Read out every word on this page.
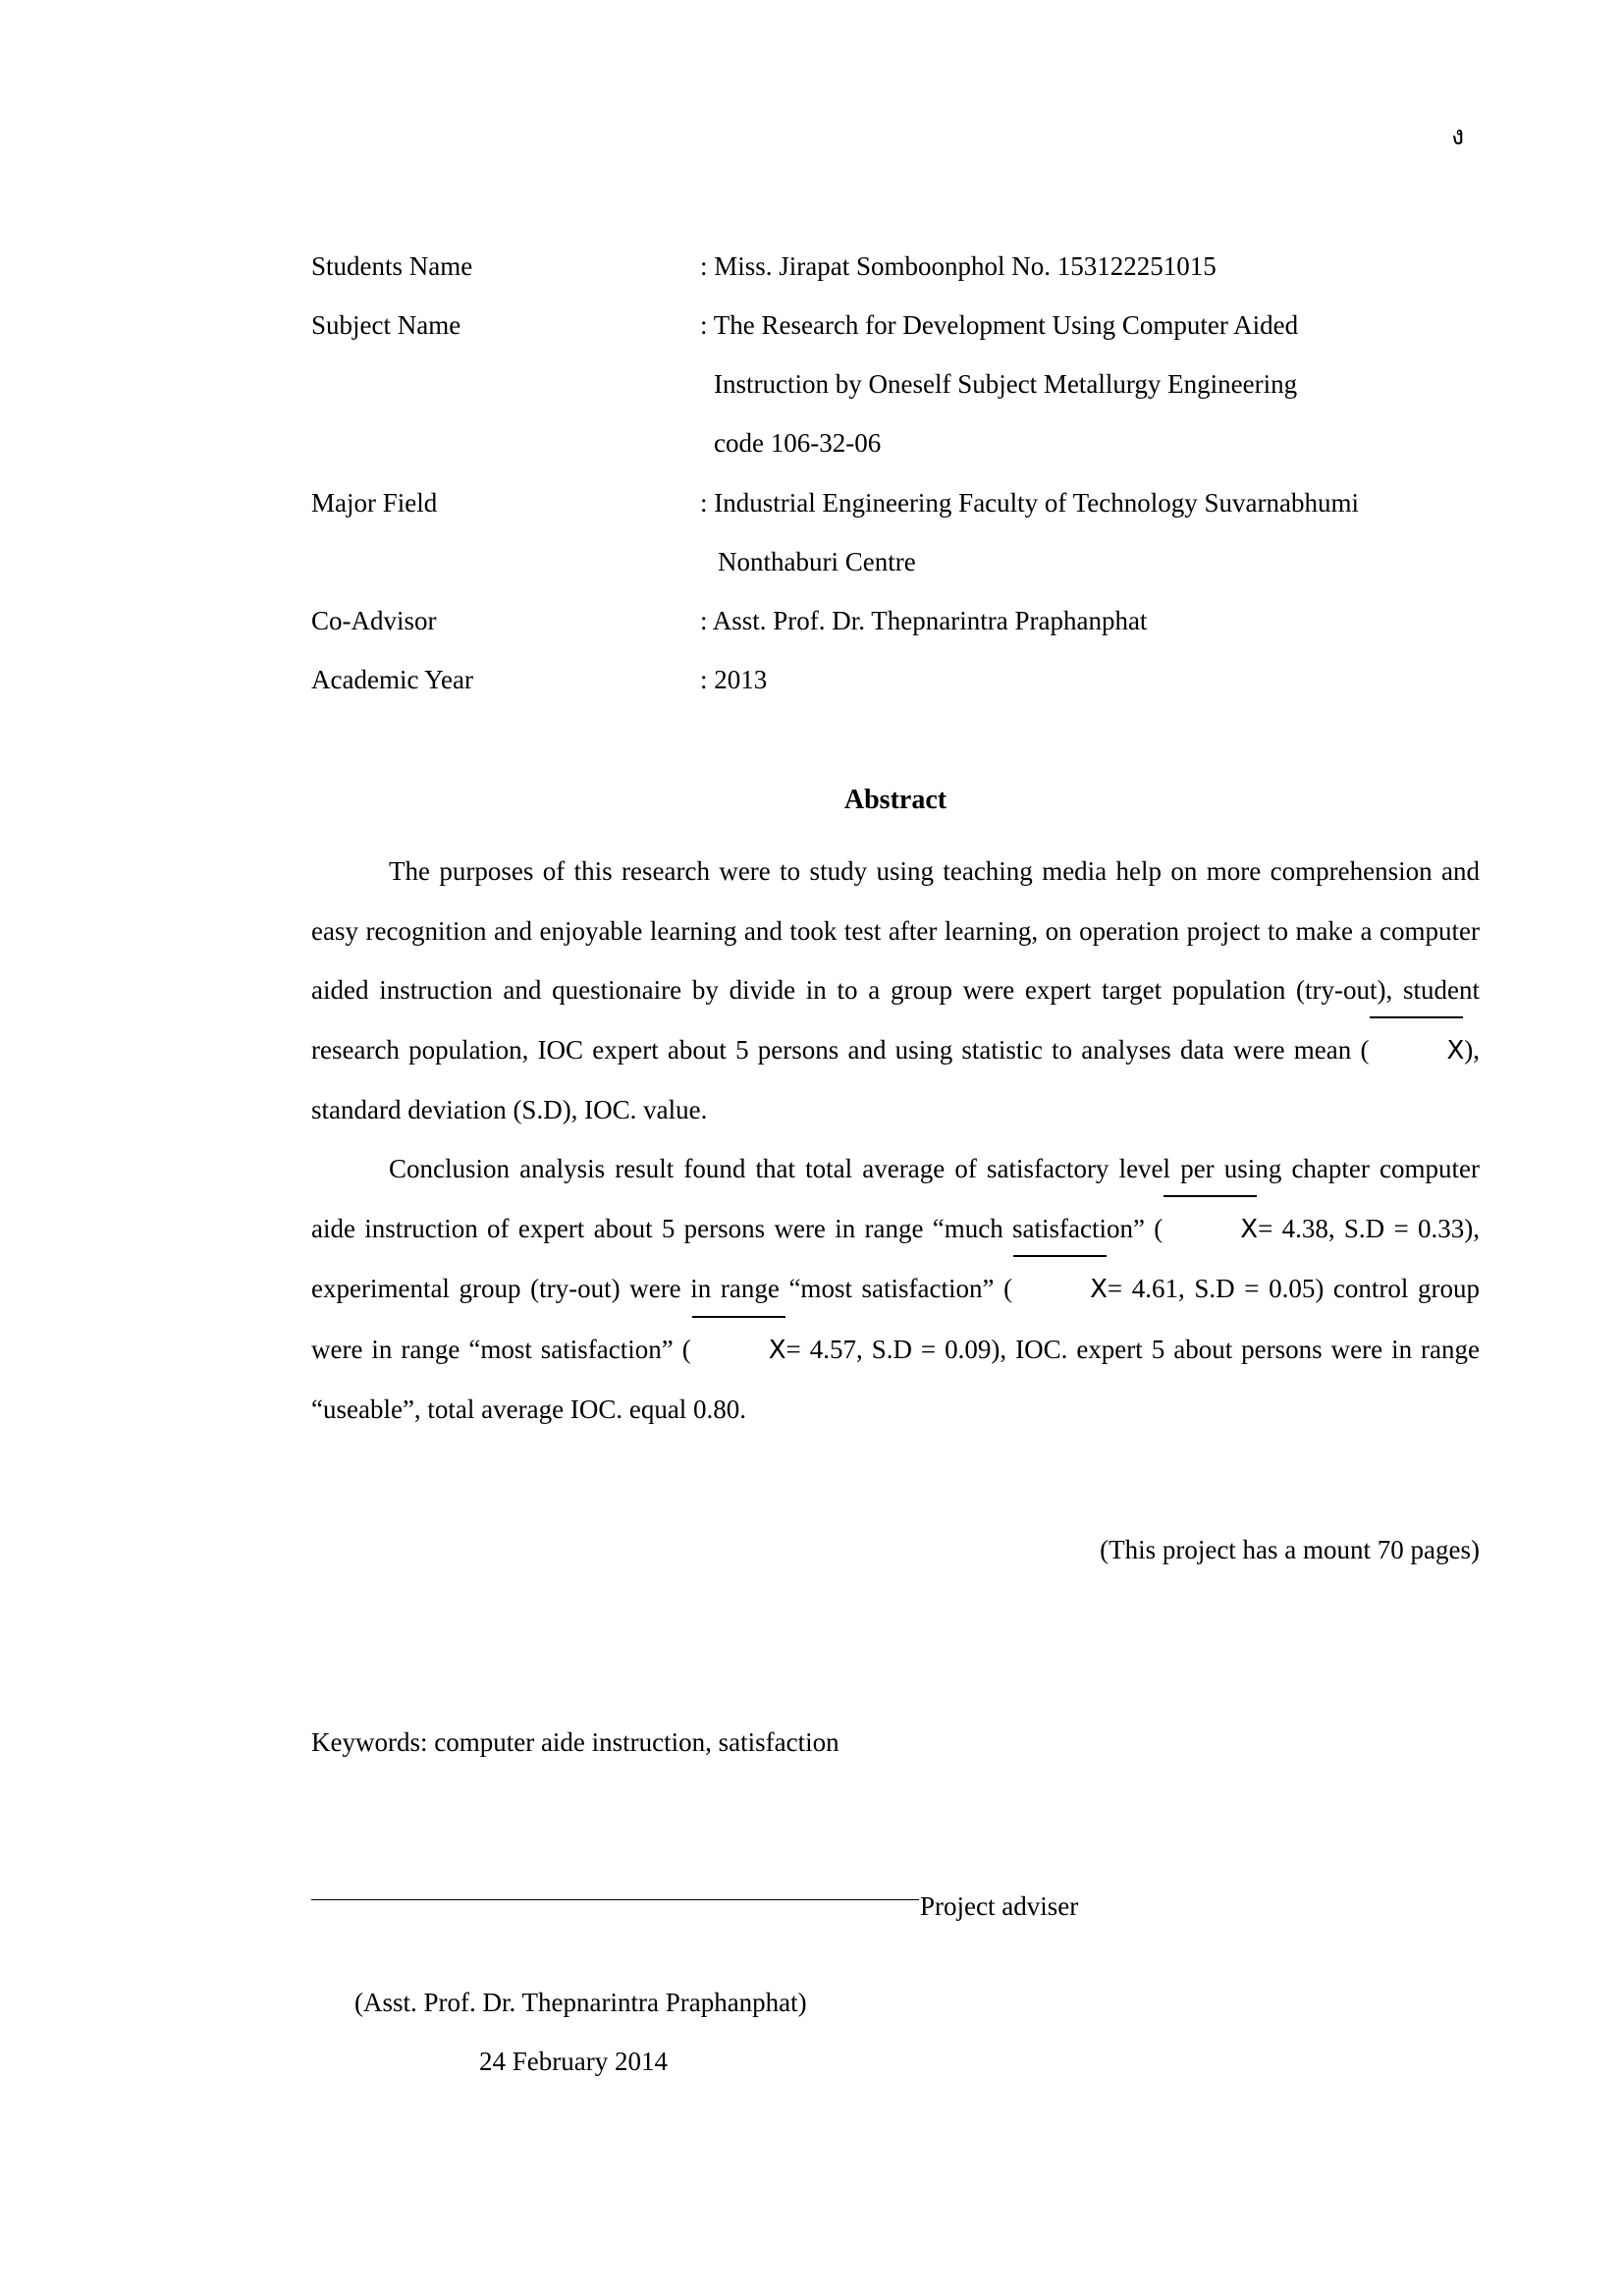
ง
Students Name	: Miss. Jirapat Somboonphol No. 153122251015
Subject Name	: The Research for Development Using Computer Aided
Instruction by Oneself Subject Metallurgy Engineering
code 106-32-06
Major Field	: Industrial Engineering Faculty of Technology Suvarnabhumi
Nonthaburi Centre
Co-Advisor	: Asst. Prof. Dr. Thepnarintra Praphanphat
Academic Year	: 2013
Abstract
The purposes of this research were to study using teaching media help on more comprehension and easy recognition and enjoyable learning and took test after learning, on operation project to make a computer aided instruction and questionaire by divide in to a group were expert target population (try-out), student research population, IOC expert about 5 persons and using statistic to analyses data were mean (	X), standard deviation (S.D), IOC. value.
Conclusion analysis result found that total average of satisfactory level per using chapter computer aide instruction of expert about 5 persons were in range “much satisfaction” (	X= 4.38, S.D = 0.33), experimental group (try-out) were in range “most satisfaction” (	X= 4.61, S.D = 0.05) control group were in range “most satisfaction” (	X= 4.57, S.D = 0.09), IOC. expert 5 about persons were in range “useable”, total average IOC. equal 0.80.
(This project has a mount 70 pages)
Keywords: computer aide instruction, satisfaction
Project adviser
(Asst. Prof. Dr. Thepnarintra Praphanphat)
24 February 2014
